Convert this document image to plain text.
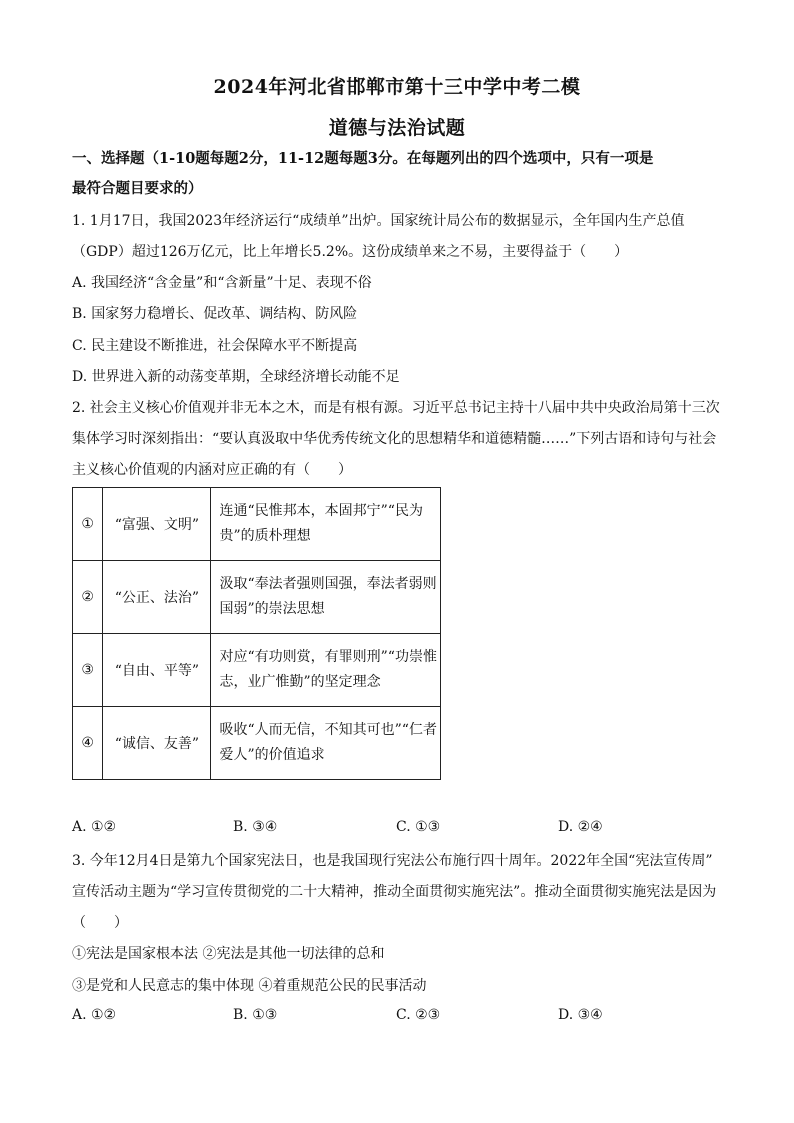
2024年河北省邯郸市第十三中学中考二模
道德与法治试题
一、选择题（1-10题每题2分，11-12题每题3分。在每题列出的四个选项中，只有一项是
最符合题目要求的）
1. 1月17日，我国2023年经济运行“成绩单”出炉。国家统计局公布的数据显示，全年国内生产总值
（GDP）超过126万亿元，比上年增长5.2%。这份成绩单来之不易，主要得益于（　　）
A. 我国经济“含金量”和“含新量”十足、表现不俗
B. 国家努力稳增长、促改革、调结构、防风险
C. 民主建设不断推进，社会保障水平不断提高
D. 世界进入新的动荡变革期，全球经济增长动能不足
2. 社会主义核心价值观并非无本之木，而是有根有源。习近平总书记主持十八届中共中央政治局第十三次
集体学习时深刻指出：“要认真汲取中华优秀传统文化的思想精华和道德精髓……”下列古语和诗句与社会
主义核心价值观的内涵对应正确的有（　　）
①	“富强、文明”	连通“民惟邦本，本固邦宁”“民为贵”的质朴理想
②	“公正、法治”	汲取“奉法者强则国强，奉法者弱则国弱”的崇法思想
③	“自由、平等”	对应“有功则赏，有罪则刑”“功崇惟志，业广惟勤”的坚定理念
④	“诚信、友善”	吸收“人而无信，不知其可也”“仁者爱人”的价值追求
A. ①②	B. ③④	C. ①③	D. ②④
3. 今年12月4日是第九个国家宪法日，也是我国现行宪法公布施行四十周年。2022年全国“宪法宣传周”
宣传活动主题为“学习宣传贯彻党的二十大精神，推动全面贯彻实施宪法”。推动全面贯彻实施宪法是因为
（　　）
①宪法是国家根本法 ②宪法是其他一切法律的总和
③是党和人民意志的集中体现 ④着重规范公民的民事活动
A. ①②	B. ①③	C. ②③	D. ③④
